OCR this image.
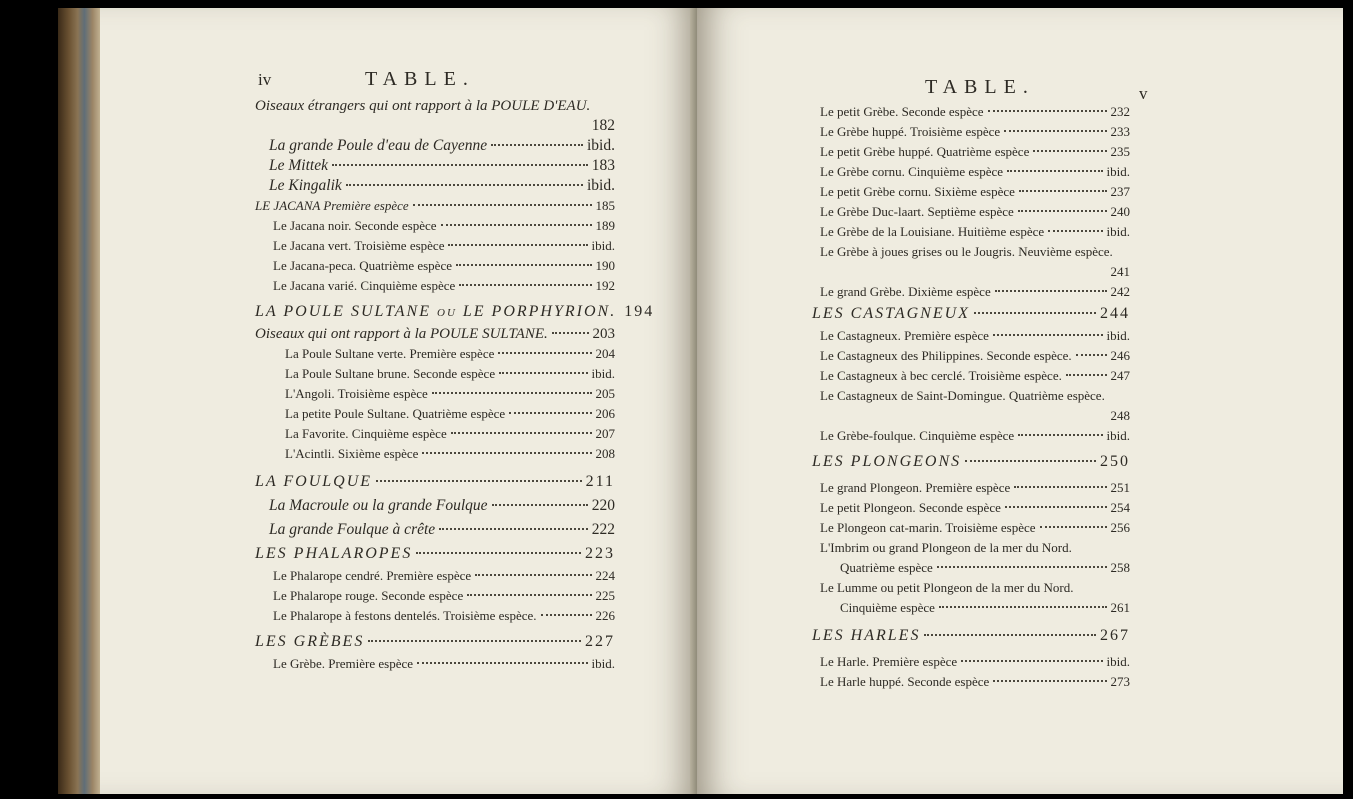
iv	TABLE.
Oiseaux étrangers qui ont rapport à la POULE D'EAU.
182
La grande Poule d'eau de Cayenne	ibid.
Le Mittek	183
Le Kingalik	ibid.
LE JACANA Première espèce	185
Le Jacana noir. Seconde espèce	189
Le Jacana vert. Troisième espèce	ibid.
Le Jacana-peca. Quatrième espèce	190
Le Jacana varié. Cinquième espèce	192
LA POULE SULTANE ou LE PORPHYRION. 194
Oiseaux qui ont rapport à la POULE SULTANE.	203
La Poule Sultane verte. Première espèce	204
La Poule Sultane brune. Seconde espèce	ibid.
L'Angoli. Troisième espèce	205
La petite Poule Sultane. Quatrième espèce	206
La Favorite. Cinquième espèce	207
L'Acintli. Sixième espèce	208
LA FOULQUE	211
La Macroule ou la grande Foulque	220
La grande Foulque à crête	222
LES PHALAROPES	223
Le Phalarope cendré. Première espèce	224
Le Phalarope rouge. Seconde espèce	225
Le Phalarope à festons dentelés. Troisième espèce.	226
LES GRÈBES	227
Le Grèbe. Première espèce	ibid.
TABLE.	v
Le petit Grèbe. Seconde espèce	232
Le Grèbe huppé. Troisième espèce	233
Le petit Grèbe huppé. Quatrième espèce	235
Le Grèbe cornu. Cinquième espèce	ibid.
Le petit Grèbe cornu. Sixième espèce	237
Le Grèbe Duc-laart. Septième espèce	240
Le Grèbe de la Louisiane. Huitième espèce	ibid.
Le Grèbe à joues grises ou le Jougris. Neuvième espèce.
241
Le grand Grèbe. Dixième espèce	242
LES CASTAGNEUX	244
Le Castagneux. Première espèce	ibid.
Le Castagneux des Philippines. Seconde espèce.	246
Le Castagneux à bec cerclé. Troisième espèce.	247
Le Castagneux de Saint-Domingue. Quatrième espèce.
248
Le Grèbe-foulque. Cinquième espèce	ibid.
LES PLONGEONS	250
Le grand Plongeon. Première espèce	251
Le petit Plongeon. Seconde espèce	254
Le Plongeon cat-marin. Troisième espèce	256
L'Imbrim ou grand Plongeon de la mer du Nord.
Quatrième espèce	258
Le Lumme ou petit Plongeon de la mer du Nord.
Cinquième espèce	261
LES HARLES	267
Le Harle. Première espèce	ibid.
Le Harle huppé. Seconde espèce	273
